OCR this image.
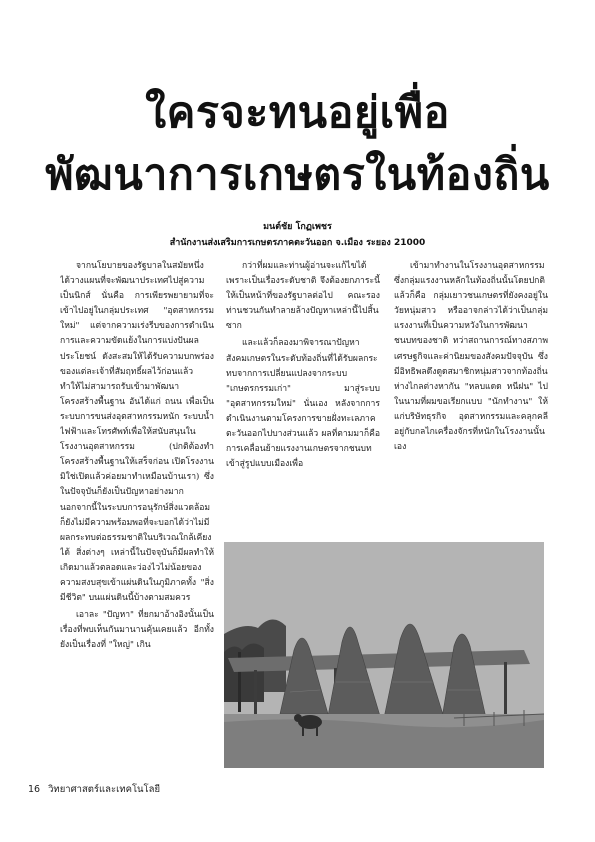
ใครจะทนอยู่เพื่อ
พัฒนาการเกษตรในท้องถิ่น
มนต์ชัย โกฏเพชร
สำนักงานส่งเสริมการเกษตรภาคตะวันออก จ.เมือง ระยอง 21000

จากนโยบายของรัฐบาลในสมัยหนึ่ง ได้วางแผนที่จะพัฒนาประเทศไปสู่ความเป็นนิกส์ นั่นคือ การเพียรพยายามที่จะเข้าไปอยู่ในกลุ่มประเทศ "อุตสาหกรรมใหม่" แต่จากความเร่งรีบของการดำเนินการและความขัดแย้งในการแบ่งปันผลประโยชน์ ดังสะสมให้ได้รับความบกพร่องของแต่ละเจ้าที่สัมฤทธิ์ผลไว้ก่อนแล้ว ทำให้ไม่สามารถรับเข้ามาพัฒนาโครงสร้างพื้นฐาน อันได้แก่ ถนน เพื่อเป็นระบบการขนส่งอุตสาหกรรมหนัก ระบบน้ำ ไฟฟ้าและโทรศัพท์เพื่อให้สนับสนุนในโรงงานอุตสาหกรรม (ปกติต้องทำโครงสร้างพื้นฐานให้เสร็จก่อน เปิดโรงงาน มิใช่เปิดแล้วค่อยมาทำเหมือนบ้านเรา) ซึ่งในปัจจุบันก็ยังเป็นปัญหาอย่างมาก นอกจากนี้ในระบบการอนุรักษ์สิ่งแวดล้อม ก็ยังไม่มีความพร้อมพอที่จะบอกได้ว่าไม่มีผลกระทบต่อธรรมชาติในบริเวณใกล้เคียงได้ สิ่งต่างๆ เหล่านี้ในปัจจุบันก็มีผลทำให้เกิดมาแล้วตลอดและว่องไวไม่น้อยของความสงบสุขเข้าแผ่นดินในภูมิภาคทั้ง "สิ่งมีชีวิต" บนแผ่นดินนี้บ้างตามสมควร

เอาละ "ปัญหา" ที่ยกมาอ้างอิงนั้นเป็นเรื่องที่พบเห็นกันมานานคุ้นเคยแล้ว อีกทั้งยังเป็นเรื่องที่ "ใหญ่" เกิน

กว่าที่ผมและท่านผู้อ่านจะแก้ไขได้ เพราะเป็นเรื่องระดับชาติ จึงต้องยกภาระนี้ให้เป็นหน้าที่ของรัฐบาลต่อไป คณะรองท่านชวนกันทำลายล้างปัญหาเหล่านี้ไปสิ้นซาก

และแล้วก็ลองมาพิจารณาปัญหาสังคมเกษตรในระดับท้องถิ่นที่ได้รับผลกระทบจากการเปลี่ยนแปลงจากระบบ "เกษตรกรรมเก่า" มาสู่ระบบ "อุตสาหกรรมใหม่" นั่นเอง หลังจากการดำเนินงานตามโครงการขายฝั่งทะเลภาคตะวันออกไปบางส่วนแล้ว ผลที่ตามมาก็คือการเคลื่อนย้ายแรงงานเกษตรจากชนบทเข้าสู่รูปแบบเมืองเพื่อ

เข้ามาทำงานในโรงงานอุตสาหกรรม ซึ่งกลุ่มแรงงานหลักในท้องถิ่นนั้นโดยปกติแล้วก็คือ กลุ่มเยาวชนเกษตรที่ยังคงอยู่ในวัยหนุ่มสาว หรืออาจกล่าวได้ว่าเป็นกลุ่มแรงงานที่เป็นความหวังในการพัฒนาชนบทของชาติ ทว่าสถานการณ์ทางสภาพเศรษฐกิจและค่านิยมของสังคมปัจจุบัน ซึ่งมีอิทธิพลดึงดูดสมาชิกหนุ่มสาวจากท้องถิ่นห่างไกลต่างหากัน "หลบแดด หนีฝน" ไปในนามที่ผมขอเรียกแบบ "นักทำงาน" ให้แก่บริษัทธุรกิจ อุตสาหกรรมและคลุกคลีอยู่กับกลไกเครื่องจักรที่หนักในโรงงานนั้นเอง

16 วิทยาศาสตร์และเทคโนโลยี
